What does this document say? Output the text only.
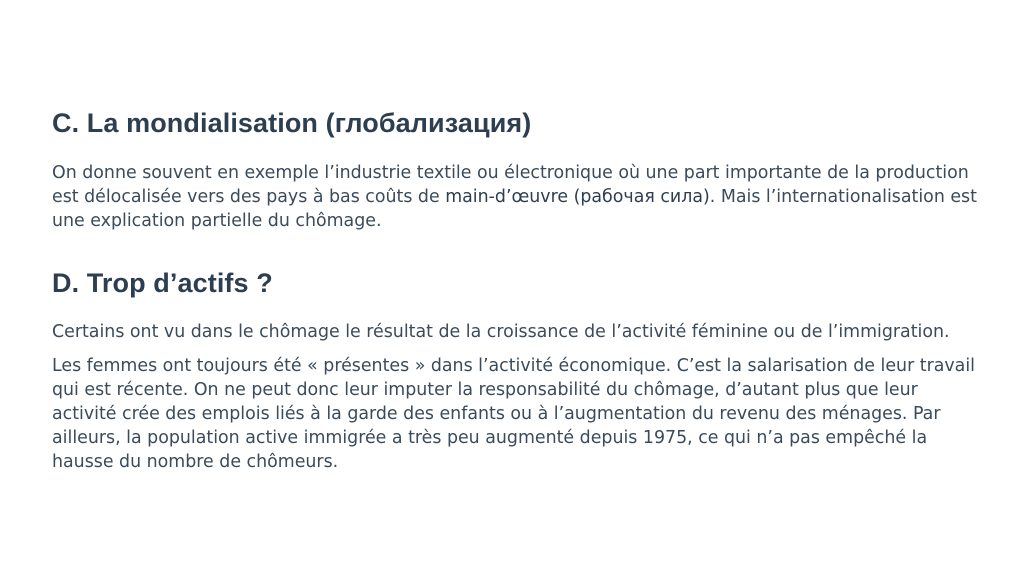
C. La mondialisation (глобализация)

On donne souvent en exemple l’industrie textile ou électronique où une part importante de la production est délocalisée vers des pays à bas coûts de main-d’œuvre (рабочая сила). Mais l’internationalisation est une explication partielle du chômage.

D. Trop d’actifs ?

Certains ont vu dans le chômage le résultat de la croissance de l’activité féminine ou de l’immigration.

Les femmes ont toujours été « présentes » dans l’activité économique. C’est la salarisation de leur travail qui est récente. On ne peut donc leur imputer la responsabilité du chômage, d’autant plus que leur activité crée des emplois liés à la garde des enfants ou à l’augmentation du revenu des ménages. Par ailleurs, la population active immigrée a très peu augmenté depuis 1975, ce qui n’a pas empêché la hausse du nombre de chômeurs.
